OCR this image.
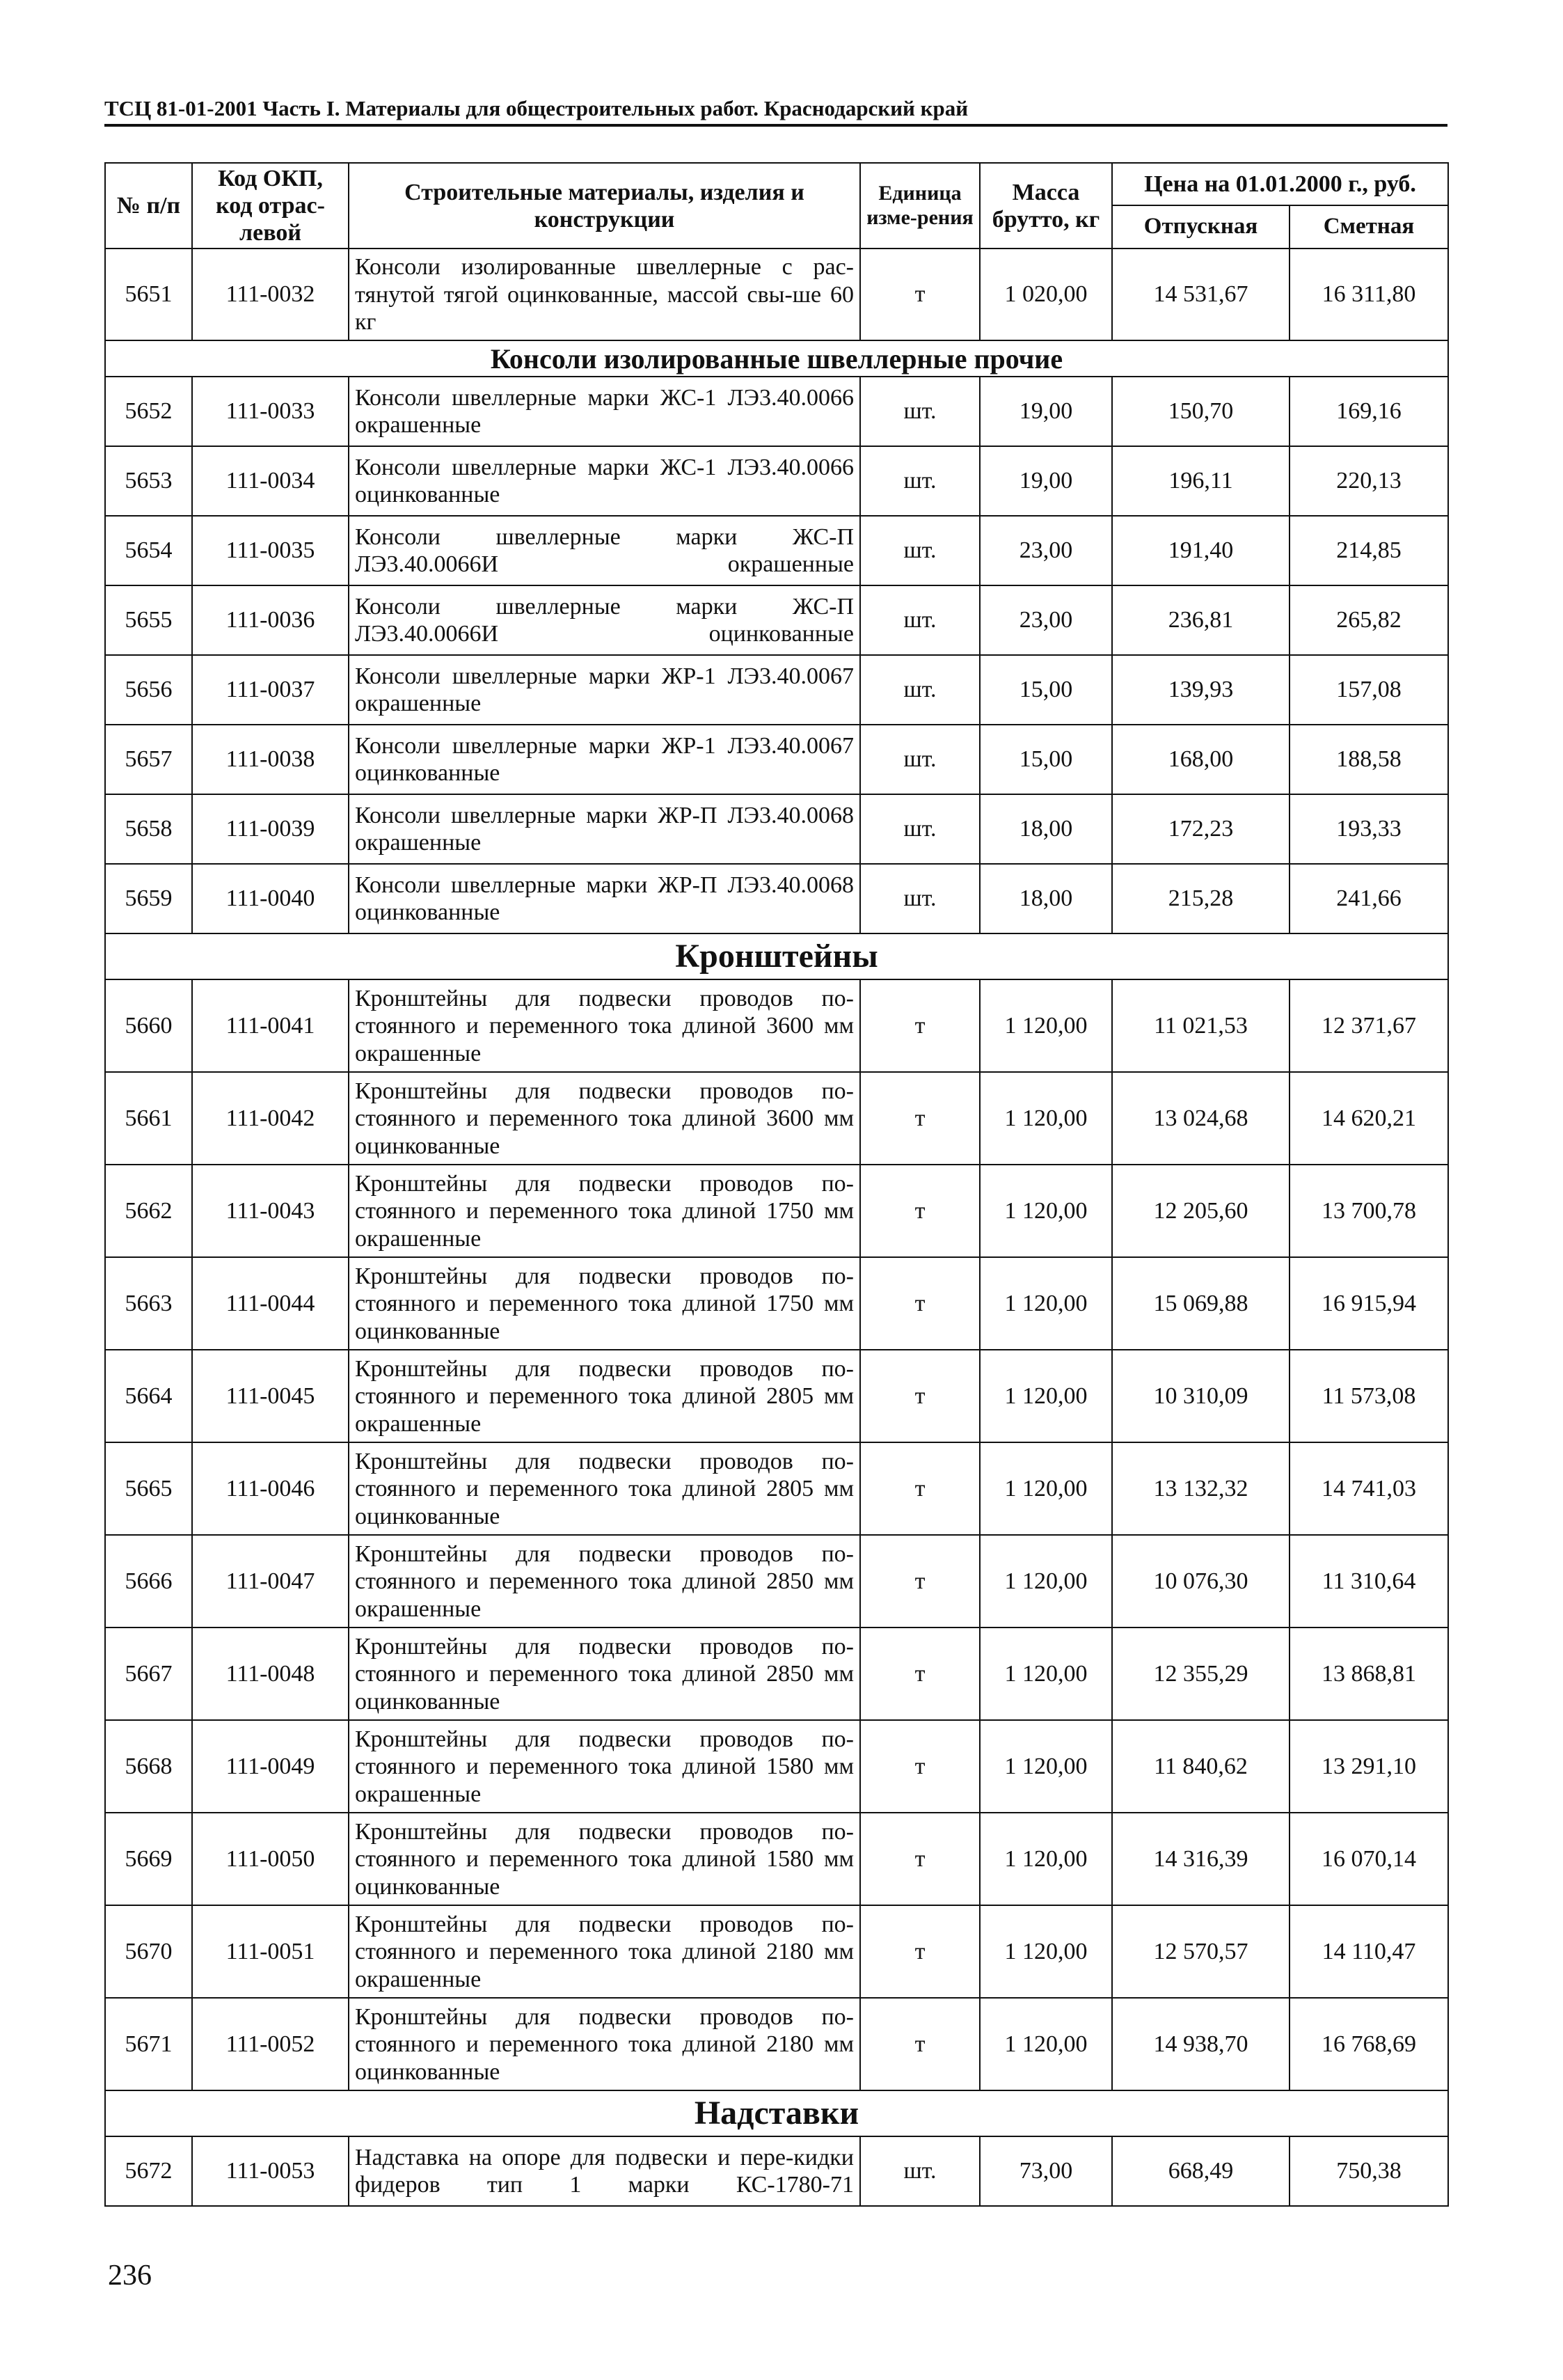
ТСЦ 81-01-2001 Часть I. Материалы для общестроительных работ. Краснодарский край
№ п/п	Код ОКП, код отрас-левой	Строительные материалы, изделия и конструкции	Единица изме-рения	Масса брутто, кг	Цена на 01.01.2000 г., руб.	
					Отпускная	Сметная
5651	111-0032	Консоли изолированные швеллерные с рас-тянутой тягой оцинкованные, массой свы-ше 60 кг	т	1 020,00	14 531,67	16 311,80
Консоли изолированные швеллерные прочие						
5652	111-0033	Консоли швеллерные марки ЖС-1 ЛЭ3.40.0066 окрашенные	шт.	19,00	150,70	169,16
5653	111-0034	Консоли швеллерные марки ЖС-1 ЛЭ3.40.0066 оцинкованные	шт.	19,00	196,11	220,13
5654	111-0035	Консоли швеллерные марки ЖС-П ЛЭ3.40.0066И окрашенные	шт.	23,00	191,40	214,85
5655	111-0036	Консоли швеллерные марки ЖС-П ЛЭ3.40.0066И оцинкованные	шт.	23,00	236,81	265,82
5656	111-0037	Консоли швеллерные марки ЖР-1 ЛЭ3.40.0067 окрашенные	шт.	15,00	139,93	157,08
5657	111-0038	Консоли швеллерные марки ЖР-1 ЛЭ3.40.0067 оцинкованные	шт.	15,00	168,00	188,58
5658	111-0039	Консоли швеллерные марки ЖР-П ЛЭ3.40.0068 окрашенные	шт.	18,00	172,23	193,33
5659	111-0040	Консоли швеллерные марки ЖР-П ЛЭ3.40.0068 оцинкованные	шт.	18,00	215,28	241,66
Кронштейны						
5660	111-0041	Кронштейны для подвески проводов по-стоянного и переменного тока длиной 3600 мм окрашенные	т	1 120,00	11 021,53	12 371,67
5661	111-0042	Кронштейны для подвески проводов по-стоянного и переменного тока длиной 3600 мм оцинкованные	т	1 120,00	13 024,68	14 620,21
5662	111-0043	Кронштейны для подвески проводов по-стоянного и переменного тока длиной 1750 мм окрашенные	т	1 120,00	12 205,60	13 700,78
5663	111-0044	Кронштейны для подвески проводов по-стоянного и переменного тока длиной 1750 мм оцинкованные	т	1 120,00	15 069,88	16 915,94
5664	111-0045	Кронштейны для подвески проводов по-стоянного и переменного тока длиной 2805 мм окрашенные	т	1 120,00	10 310,09	11 573,08
5665	111-0046	Кронштейны для подвески проводов по-стоянного и переменного тока длиной 2805 мм оцинкованные	т	1 120,00	13 132,32	14 741,03
5666	111-0047	Кронштейны для подвески проводов по-стоянного и переменного тока длиной 2850 мм окрашенные	т	1 120,00	10 076,30	11 310,64
5667	111-0048	Кронштейны для подвески проводов по-стоянного и переменного тока длиной 2850 мм оцинкованные	т	1 120,00	12 355,29	13 868,81
5668	111-0049	Кронштейны для подвески проводов по-стоянного и переменного тока длиной 1580 мм окрашенные	т	1 120,00	11 840,62	13 291,10
5669	111-0050	Кронштейны для подвески проводов по-стоянного и переменного тока длиной 1580 мм оцинкованные	т	1 120,00	14 316,39	16 070,14
5670	111-0051	Кронштейны для подвески проводов по-стоянного и переменного тока длиной 2180 мм окрашенные	т	1 120,00	12 570,57	14 110,47
5671	111-0052	Кронштейны для подвески проводов по-стоянного и переменного тока длиной 2180 мм оцинкованные	т	1 120,00	14 938,70	16 768,69
Надставки						
5672	111-0053	Надставка на опоре для подвески и пере-кидки фидеров тип 1 марки КС-1780-71	шт.	73,00	668,49	750,38
236
